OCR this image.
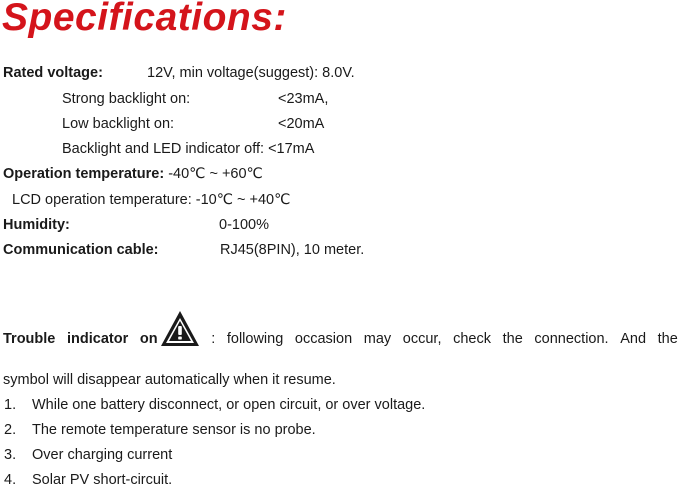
Specifications:
Rated voltage:	12V, min voltage(suggest): 8.0V.
Strong backlight on:	<23mA,
Low backlight on:	<20mA
Backlight and LED indicator off: <17mA
Operation temperature: -40℃ ~ +60℃
LCD operation temperature: -10℃ ~ +40℃
Humidity:	0-100%
Communication cable:	RJ45(8PIN), 10 meter.
Trouble indicator on	: following occasion may occur, check the connection. And the
symbol will disappear automatically when it resume.
1. While one battery disconnect, or open circuit, or over voltage.
2. The remote temperature sensor is no probe.
3. Over charging current
4. Solar PV short-circuit.
